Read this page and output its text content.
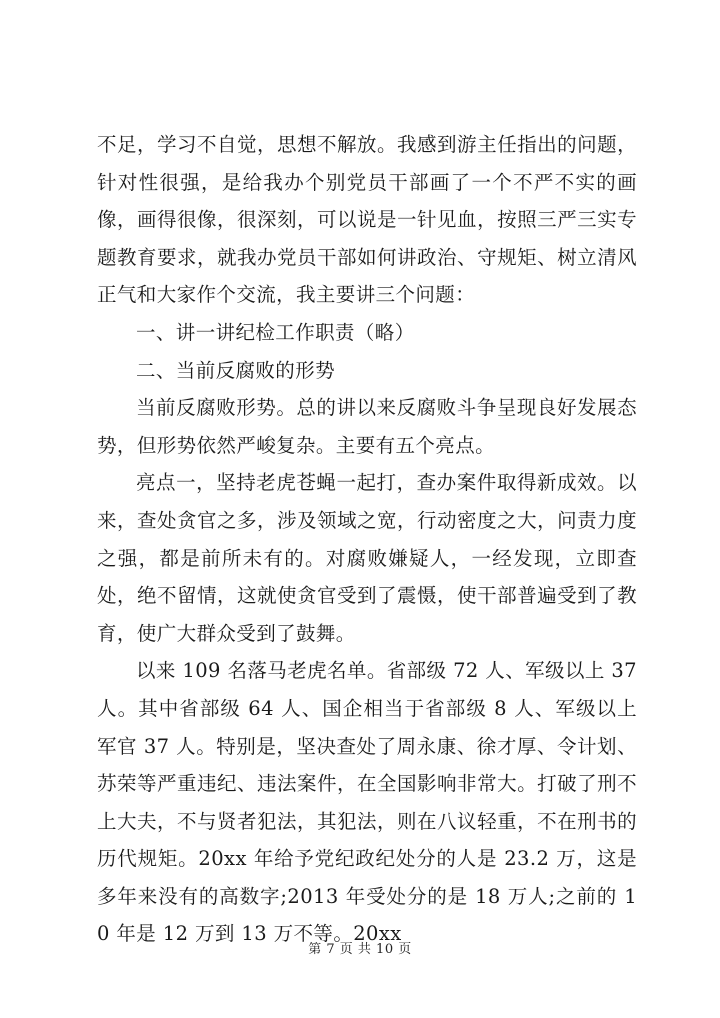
不足，学习不自觉，思想不解放。我感到游主任指出的问题，针对性很强，是给我办个别党员干部画了一个不严不实的画像，画得很像，很深刻，可以说是一针见血，按照三严三实专题教育要求，就我办党员干部如何讲政治、守规矩、树立清风正气和大家作个交流，我主要讲三个问题：

一、讲一讲纪检工作职责（略）

二、当前反腐败的形势

当前反腐败形势。总的讲以来反腐败斗争呈现良好发展态势，但形势依然严峻复杂。主要有五个亮点。

亮点一，坚持老虎苍蝇一起打，查办案件取得新成效。以来，查处贪官之多，涉及领域之宽，行动密度之大，问责力度之强，都是前所未有的。对腐败嫌疑人，一经发现，立即查处，绝不留情，这就使贪官受到了震慑，使干部普遍受到了教育，使广大群众受到了鼓舞。

以来 109 名落马老虎名单。省部级 72 人、军级以上 37 人。其中省部级 64 人、国企相当于省部级 8 人、军级以上军官 37 人。特别是，坚决查处了周永康、徐才厚、令计划、苏荣等严重违纪、违法案件，在全国影响非常大。打破了刑不上大夫，不与贤者犯法，其犯法，则在八议轻重，不在刑书的历代规矩。20xx 年给予党纪政纪处分的人是 23.2 万，这是多年来没有的高数字;2013 年受处分的是 18 万人;之前的 10 年是 12 万到 13 万不等。20xx

第 7 页 共 10 页
